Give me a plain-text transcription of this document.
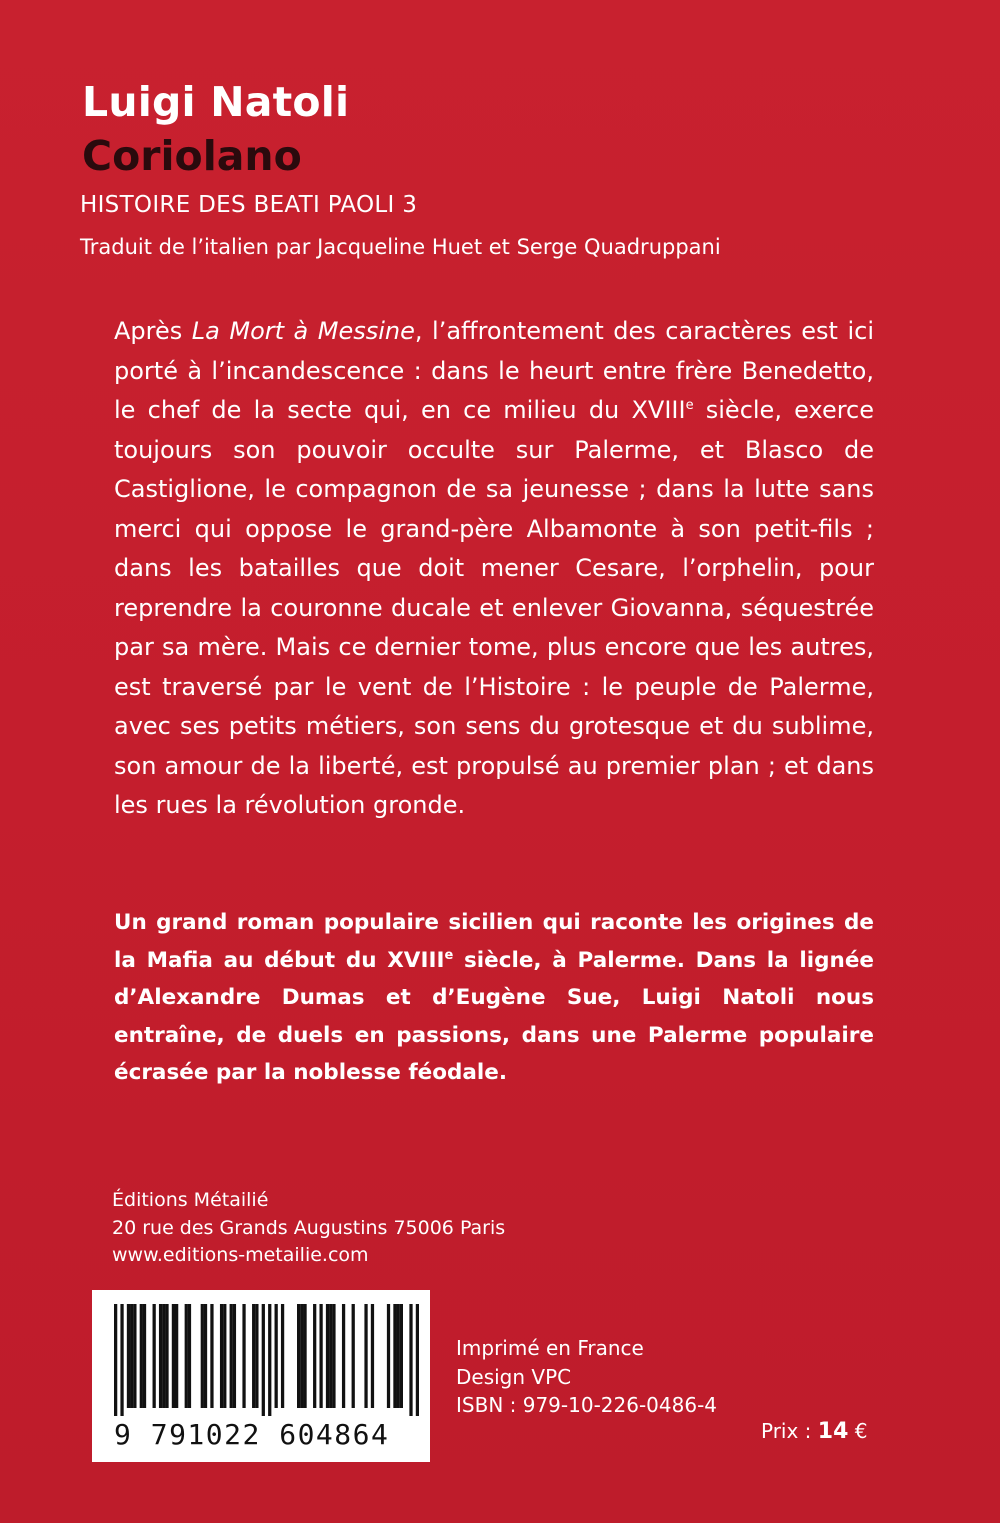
Luigi Natoli
Coriolano

HISTOIRE DES BEATI PAOLI 3

Traduit de l’italien par Jacqueline Huet et Serge Quadruppani

Après La Mort à Messine, l’affrontement des caractères est ici porté à l’incandescence : dans le heurt entre frère Benedetto, le chef de la secte qui, en ce milieu du XVIIIe siècle, exerce toujours son pouvoir occulte sur Palerme, et Blasco de Castiglione, le compagnon de sa jeunesse ; dans la lutte sans merci qui oppose le grand-père Albamonte à son petit-fils ; dans les batailles que doit mener Cesare, l’orphelin, pour reprendre la couronne ducale et enlever Giovanna, séquestrée par sa mère. Mais ce dernier tome, plus encore que les autres, est traversé par le vent de l’Histoire : le peuple de Palerme, avec ses petits métiers, son sens du grotesque et du sublime, son amour de la liberté, est propulsé au premier plan ; et dans les rues la révolution gronde.

Un grand roman populaire sicilien qui raconte les origines de la Mafia au début du XVIIIe siècle, à Palerme. Dans la lignée d’Alexandre Dumas et d’Eugène Sue, Luigi Natoli nous entraîne, de duels en passions, dans une Palerme populaire écrasée par la noblesse féodale.

Éditions Métailié
20 rue des Grands Augustins 75006 Paris
www.editions-metailie.com

9 791022 604864

Imprimé en France
Design VPC
ISBN : 979-10-226-0486-4

Prix : 14 €
